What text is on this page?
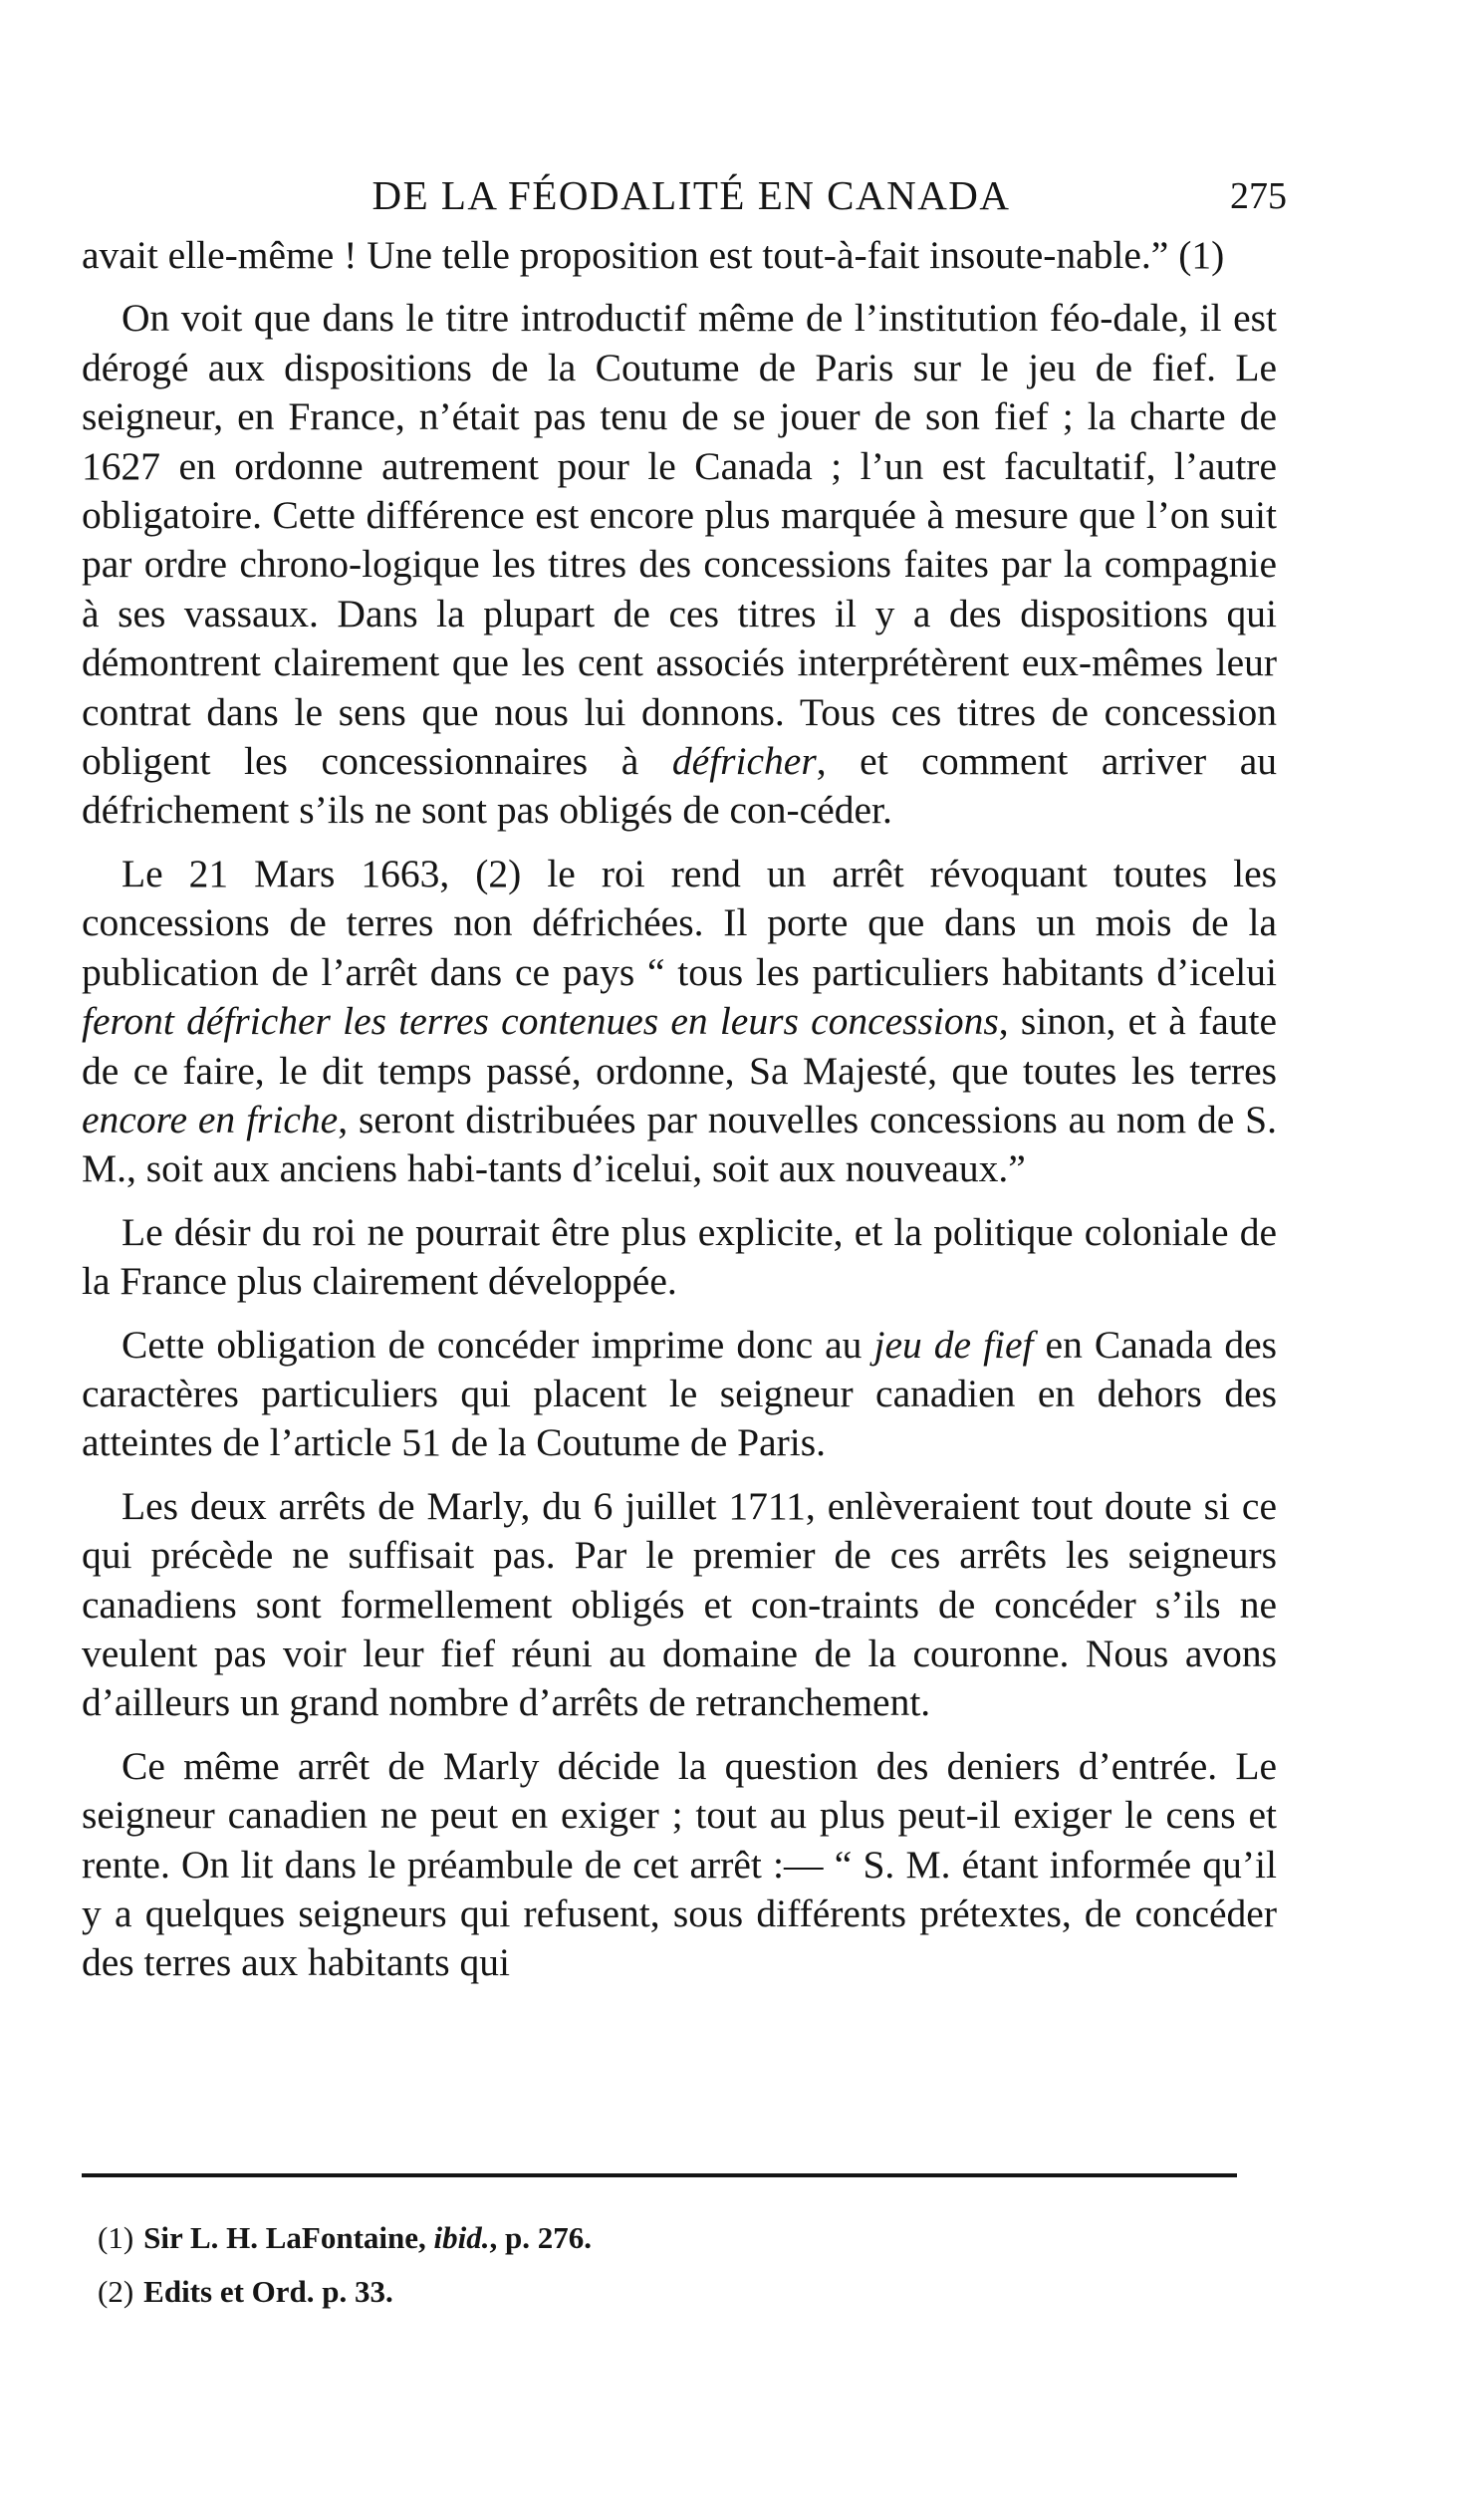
DE LA FÉODALITÉ EN CANADA	275

avait elle-même ! Une telle proposition est tout-à-fait insoute-nable.” (1)

On voit que dans le titre introductif même de l’institution féo-dale, il est dérogé aux dispositions de la Coutume de Paris sur le jeu de fief. Le seigneur, en France, n’était pas tenu de se jouer de son fief ; la charte de 1627 en ordonne autrement pour le Canada ; l’un est facultatif, l’autre obligatoire. Cette différence est encore plus marquée à mesure que l’on suit par ordre chrono-logique les titres des concessions faites par la compagnie à ses vassaux. Dans la plupart de ces titres il y a des dispositions qui démontrent clairement que les cent associés interprétèrent eux-mêmes leur contrat dans le sens que nous lui donnons. Tous ces titres de concession obligent les concessionnaires à défricher, et comment arriver au défrichement s’ils ne sont pas obligés de con-céder.

Le 21 Mars 1663, (2) le roi rend un arrêt révoquant toutes les concessions de terres non défrichées. Il porte que dans un mois de la publication de l’arrêt dans ce pays “ tous les particuliers habitants d’icelui feront défricher les terres contenues en leurs concessions, sinon, et à faute de ce faire, le dit temps passé, ordonne, Sa Majesté, que toutes les terres encore en friche, seront distribuées par nouvelles concessions au nom de S. M., soit aux anciens habi-tants d’icelui, soit aux nouveaux.”

Le désir du roi ne pourrait être plus explicite, et la politique coloniale de la France plus clairement développée.

Cette obligation de concéder imprime donc au jeu de fief en Canada des caractères particuliers qui placent le seigneur canadien en dehors des atteintes de l’article 51 de la Coutume de Paris.

Les deux arrêts de Marly, du 6 juillet 1711, enlèveraient tout doute si ce qui précède ne suffisait pas. Par le premier de ces arrêts les seigneurs canadiens sont formellement obligés et con-traints de concéder s’ils ne veulent pas voir leur fief réuni au domaine de la couronne. Nous avons d’ailleurs un grand nombre d’arrêts de retranchement.

Ce même arrêt de Marly décide la question des deniers d’entrée. Le seigneur canadien ne peut en exiger ; tout au plus peut-il exiger le cens et rente. On lit dans le préambule de cet arrêt :— “ S. M. étant informée qu’il y a quelques seigneurs qui refusent, sous différents prétextes, de concéder des terres aux habitants qui

(1) Sir L. H. LaFontaine, ibid., p. 276.
(2) Edits et Ord. p. 33.
